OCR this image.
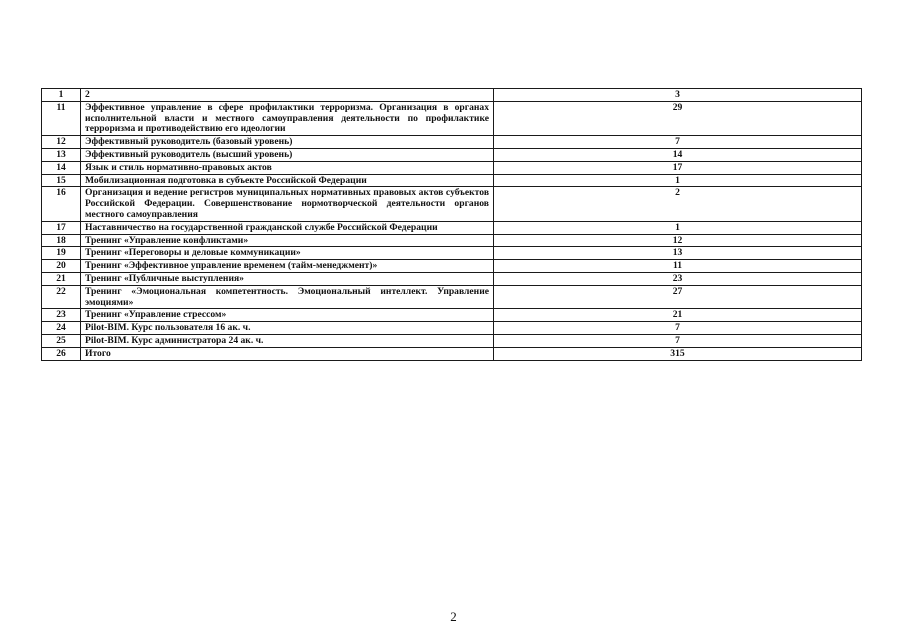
1	2	3
11	Эффективное управление в сфере профилактики терроризма. Организация в органах исполнительной власти и местного самоуправления деятельности по профилактике терроризма и противодействию его идеологии	29
12	Эффективный руководитель (базовый уровень)	7
13	Эффективный руководитель (высший уровень)	14
14	Язык и стиль нормативно-правовых актов	17
15	Мобилизационная подготовка в субъекте Российской Федерации	1
16	Организация и ведение регистров муниципальных нормативных правовых актов субъектов Российской Федерации. Совершенствование нормотворческой деятельности органов местного самоуправления	2
17	Наставничество на государственной гражданской службе Российской Федерации	1
18	Тренинг «Управление конфликтами»	12
19	Тренинг «Переговоры и деловые коммуникации»	13
20	Тренинг «Эффективное управление временем (тайм-менеджмент)»	11
21	Тренинг «Публичные выступления»	23
22	Тренинг «Эмоциональная компетентность. Эмоциональный интеллект. Управление эмоциями»	27
23	Тренинг «Управление стрессом»	21
24	Pilot-BIM. Курс пользователя 16 ак. ч.	7
25	Pilot-BIM. Курс администратора 24 ак. ч.	7
26	Итого	315
2
